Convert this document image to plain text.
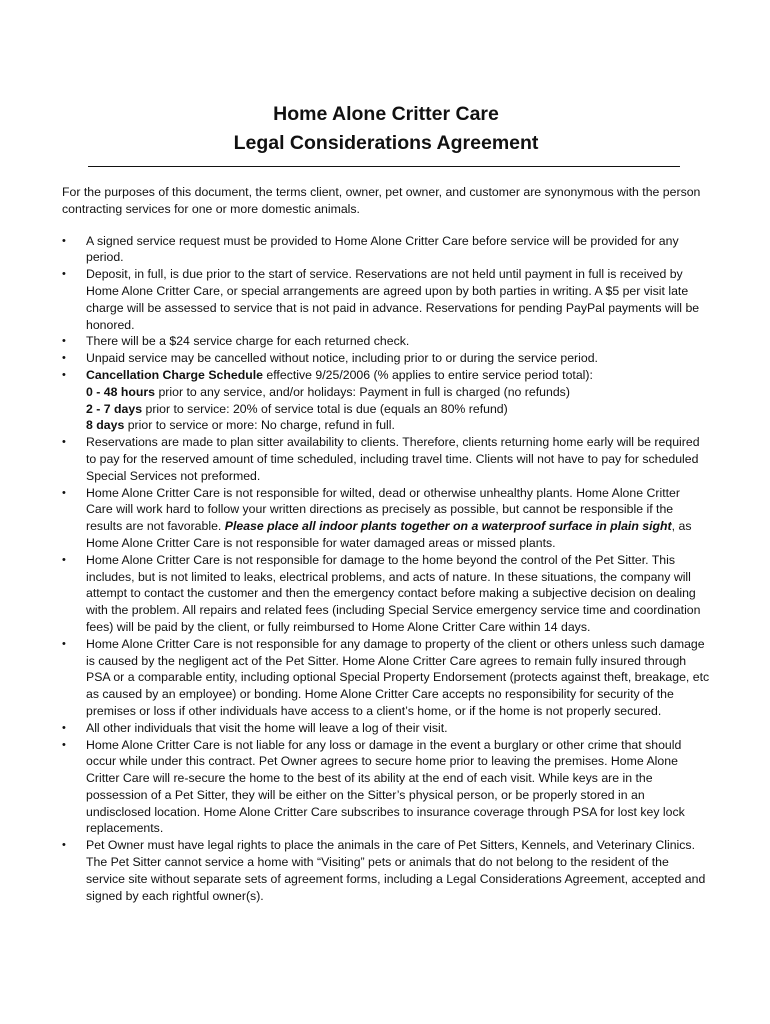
Home Alone Critter Care
Legal Considerations Agreement

For the purposes of this document, the terms client, owner, pet owner, and customer are synonymous with the person contracting services for one or more domestic animals.

•	A signed service request must be provided to Home Alone Critter Care before service will be provided for any period.
•	Deposit, in full, is due prior to the start of service. Reservations are not held until payment in full is received by Home Alone Critter Care, or special arrangements are agreed upon by both parties in writing. A $5 per visit late charge will be assessed to service that is not paid in advance. Reservations for pending PayPal payments will be honored.
•	There will be a $24 service charge for each returned check.
•	Unpaid service may be cancelled without notice, including prior to or during the service period.
•	Cancellation Charge Schedule effective 9/25/2006 (% applies to entire service period total):
0 - 48 hours prior to any service, and/or holidays: Payment in full is charged (no refunds)
2 - 7 days prior to service: 20% of service total is due (equals an 80% refund)
8 days prior to service or more: No charge, refund in full.
•	Reservations are made to plan sitter availability to clients. Therefore, clients returning home early will be required to pay for the reserved amount of time scheduled, including travel time. Clients will not have to pay for scheduled Special Services not preformed.
•	Home Alone Critter Care is not responsible for wilted, dead or otherwise unhealthy plants. Home Alone Critter Care will work hard to follow your written directions as precisely as possible, but cannot be responsible if the results are not favorable. Please place all indoor plants together on a waterproof surface in plain sight, as Home Alone Critter Care is not responsible for water damaged areas or missed plants.
•	Home Alone Critter Care is not responsible for damage to the home beyond the control of the Pet Sitter. This includes, but is not limited to leaks, electrical problems, and acts of nature. In these situations, the company will attempt to contact the customer and then the emergency contact before making a subjective decision on dealing with the problem. All repairs and related fees (including Special Service emergency service time and coordination fees) will be paid by the client, or fully reimbursed to Home Alone Critter Care within 14 days.
•	Home Alone Critter Care is not responsible for any damage to property of the client or others unless such damage is caused by the negligent act of the Pet Sitter. Home Alone Critter Care agrees to remain fully insured through PSA or a comparable entity, including optional Special Property Endorsement (protects against theft, breakage, etc as caused by an employee) or bonding. Home Alone Critter Care accepts no responsibility for security of the premises or loss if other individuals have access to a client’s home, or if the home is not properly secured.
•	All other individuals that visit the home will leave a log of their visit.
•	Home Alone Critter Care is not liable for any loss or damage in the event a burglary or other crime that should occur while under this contract. Pet Owner agrees to secure home prior to leaving the premises. Home Alone Critter Care will re-secure the home to the best of its ability at the end of each visit. While keys are in the possession of a Pet Sitter, they will be either on the Sitter’s physical person, or be properly stored in an undisclosed location. Home Alone Critter Care subscribes to insurance coverage through PSA for lost key lock replacements.
•	Pet Owner must have legal rights to place the animals in the care of Pet Sitters, Kennels, and Veterinary Clinics. The Pet Sitter cannot service a home with “Visiting” pets or animals that do not belong to the resident of the service site without separate sets of agreement forms, including a Legal Considerations Agreement, accepted and signed by each rightful owner(s).
